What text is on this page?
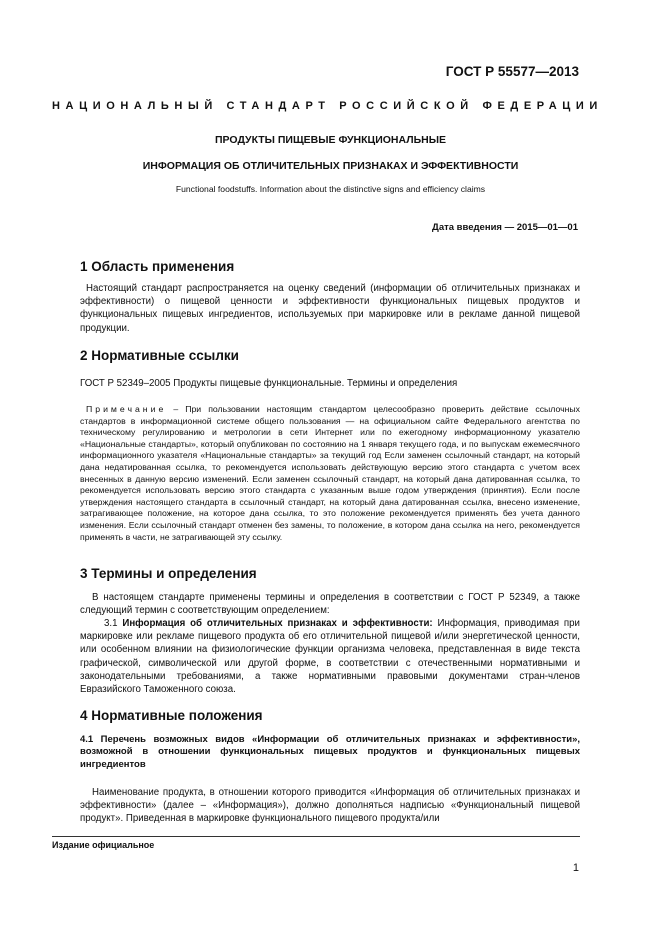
ГОСТ Р 55577—2013
НАЦИОНАЛЬНЫЙ СТАНДАРТ РОССИЙСКОЙ ФЕДЕРАЦИИ
ПРОДУКТЫ ПИЩЕВЫЕ ФУНКЦИОНАЛЬНЫЕ
ИНФОРМАЦИЯ ОБ ОТЛИЧИТЕЛЬНЫХ ПРИЗНАКАХ И ЭФФЕКТИВНОСТИ
Functional foodstuffs. Information about the distinctive signs and efficiency claims
Дата введения — 2015—01—01
1 Область применения
Настоящий стандарт распространяется на оценку сведений (информации об отличительных признаках и эффективности) о пищевой ценности и эффективности функциональных пищевых продуктов и функциональных пищевых ингредиентов, используемых при маркировке или в рекламе данной пищевой продукции.
2 Нормативные ссылки
ГОСТ Р 52349–2005 Продукты пищевые функциональные. Термины и определения
Примечание – При пользовании настоящим стандартом целесообразно проверить действие ссылочных стандартов в информационной системе общего пользования — на официальном сайте Федерального агентства по техническому регулированию и метрологии в сети Интернет или по ежегодному информационному указателю «Национальные стандарты», который опубликован по состоянию на 1 января текущего года, и по выпускам ежемесячного информационного указателя «Национальные стандарты» за текущий год Если заменен ссылочный стандарт, на который дана недатированная ссылка, то рекомендуется использовать действующую версию этого стандарта с учетом всех внесенных в данную версию изменений. Если заменен ссылочный стандарт, на который дана датированная ссылка, то рекомендуется использовать версию этого стандарта с указанным выше годом утверждения (принятия). Если после утверждения настоящего стандарта в ссылочный стандарт, на который дана датированная ссылка, внесено изменение, затрагивающее положение, на которое дана ссылка, то это положение рекомендуется применять без учета данного изменения. Если ссылочный стандарт отменен без замены, то положение, в котором дана ссылка на него, рекомендуется применять в части, не затрагивающей эту ссылку.
3 Термины и определения
В настоящем стандарте применены термины и определения в соответствии с ГОСТ Р 52349, а также следующий термин с соответствующим определением:
3.1 Информация об отличительных признаках и эффективности: Информация, приводимая при маркировке или рекламе пищевого продукта об его отличительной пищевой и/или энергетической ценности, или особенном влиянии на физиологические функции организма человека, представленная в виде текста графической, символической или другой форме, в соответствии с отечественными нормативными и законодательными требованиями, а также нормативными правовыми документами стран-членов Евразийского Таможенного союза.
4 Нормативные положения
4.1 Перечень возможных видов «Информации об отличительных признаках и эффективности», возможной в отношении функциональных пищевых продуктов и функциональных пищевых ингредиентов
Наименование продукта, в отношении которого приводится «Информация об отличительных признаках и эффективности» (далее – «Информация»), должно дополняться надписью «Функциональный пищевой продукт». Приведенная в маркировке функционального пищевого продукта/или
Издание официальное
1
